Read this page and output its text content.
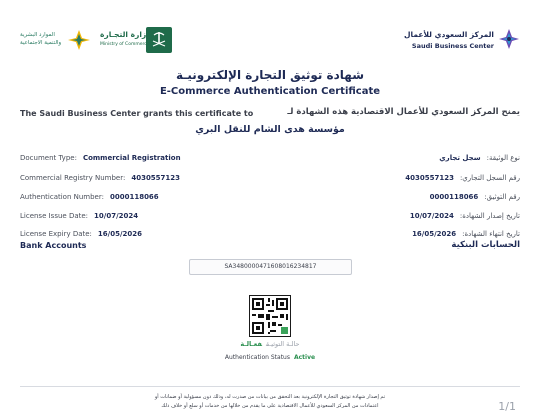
المركز السعودي للأعمال
Saudi Business Center
وزارة التجـارة
Ministry of Commerce
الموارد البشرية
والتنمية الاجتماعية
شهادة توثيق التجارة الإلكترونيـة
E-Commerce Authentication Certificate
The Saudi Business Center grants this certificate to	يمنح المركز السعودي للأعمال الاقتصادية هذه الشهادة لـ
مؤسسة هدى الشام للنقل البري
Document Type: Commercial Registration
Commercial Registry Number: 4030557123
Authentication Number: 0000118066
License Issue Date: 10/07/2024
License Expiry Date: 16/05/2026
نوع الوثيقة:سجل تجاري
رقم السجل التجاري:4030557123
رقم التوثيق:0000118066
تاريخ إصدار الشهادة:10/07/2024
تاريخ انتهاء الشهادة:16/05/2026
Bank Accounts	الحسابات البنكية
SA3480000471608016234817
حالـة التوثيـقفعـالـة
Authentication Status Active
تم إصدار شهادة توثيق التجارة الإلكترونية بعد التحقق من بيانات من صدرت له، وذلك دون مسؤولية أو ضمانات أو
اعتمادات من المركز السعودي للأعمال الاقتصادية على ما يقدم من خلالها من خدمات أو سلع أو خلاف ذلك	1/1
